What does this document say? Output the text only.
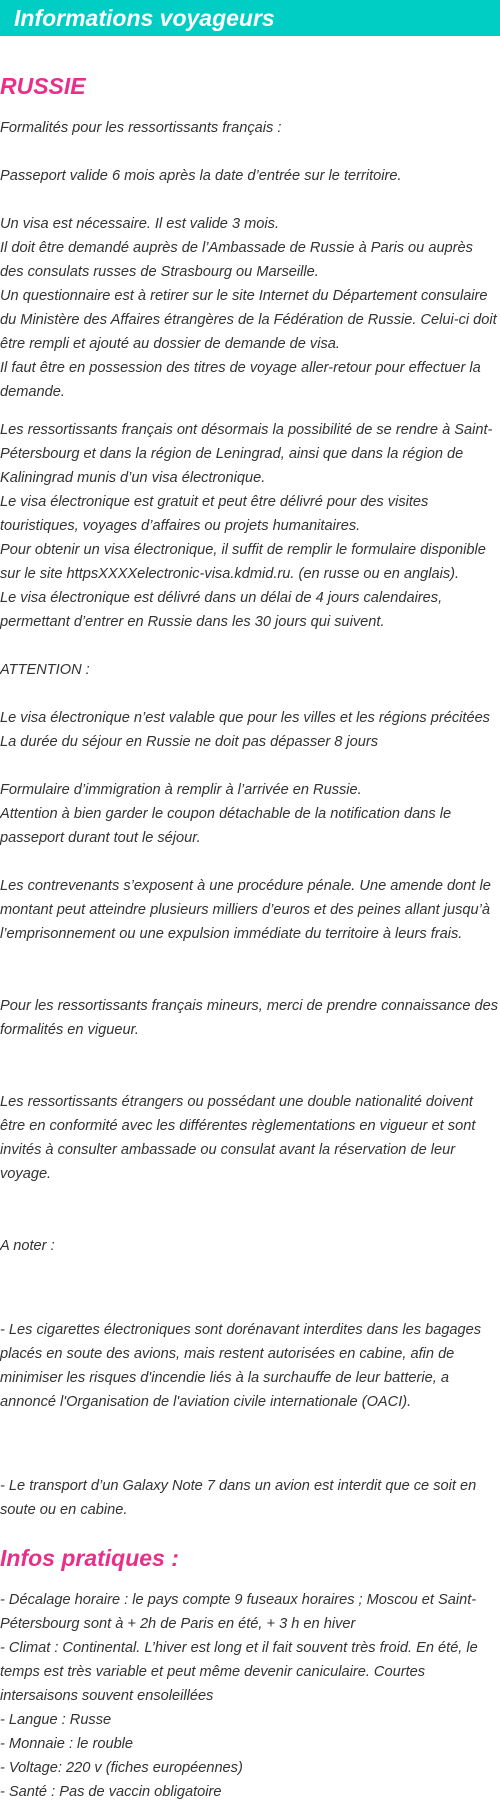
Informations voyageurs
RUSSIE

Formalités pour les ressortissants français :

Passeport valide 6 mois après la date d’entrée sur le territoire.

Un visa est nécessaire. Il est valide 3 mois.

Il doit être demandé auprès de l’Ambassade de Russie à Paris ou auprès des consulats russes de Strasbourg ou Marseille.

Un questionnaire est à retirer sur le site Internet du Département consulaire du Ministère des Affaires étrangères de la Fédération de Russie. Celui-ci doit être rempli et ajouté au dossier de demande de visa.

Il faut être en possession des titres de voyage aller-retour pour effectuer la demande.

Les ressortissants français ont désormais la possibilité de se rendre à Saint-Pétersbourg et dans la région de Leningrad, ainsi que dans la région de Kaliningrad munis d’un visa électronique.

Le visa électronique est gratuit et peut être délivré pour des visites touristiques, voyages d’affaires ou projets humanitaires.

Pour obtenir un visa électronique, il suffit de remplir le formulaire disponible sur le site httpsXXXXelectronic-visa.kdmid.ru. (en russe ou en anglais).

Le visa électronique est délivré dans un délai de 4 jours calendaires, permettant d’entrer en Russie dans les 30 jours qui suivent.

ATTENTION :

Le visa électronique n’est valable que pour les villes et les régions précitées

La durée du séjour en Russie ne doit pas dépasser 8 jours

Formulaire d’immigration à remplir à l’arrivée en Russie.

Attention à bien garder le coupon détachable de la notification dans le passeport durant tout le séjour.

Les contrevenants s’exposent à une procédure pénale. Une amende dont le montant peut atteindre plusieurs milliers d’euros et des peines allant jusqu’à l’emprisonnement ou une expulsion immédiate du territoire à leurs frais.

Pour les ressortissants français mineurs, merci de prendre connaissance des formalités en vigueur.

Les ressortissants étrangers ou possédant une double nationalité doivent être en conformité avec les différentes règlementations en vigueur et sont invités à consulter ambassade ou consulat avant la réservation de leur voyage.

A noter :

- Les cigarettes électroniques sont dorénavant interdites dans les bagages placés en soute des avions, mais restent autorisées en cabine, afin de minimiser les risques d'incendie liés à la surchauffe de leur batterie, a annoncé l'Organisation de l'aviation civile internationale (OACI).

- Le transport d’un Galaxy Note 7 dans un avion est interdit que ce soit en soute ou en cabine.

Infos pratiques :

- Décalage horaire : le pays compte 9 fuseaux horaires ; Moscou et Saint-Pétersbourg sont à + 2h de Paris en été, + 3 h en hiver

- Climat : Continental. L’hiver est long et il fait souvent très froid. En été, le temps est très variable et peut même devenir caniculaire. Courtes intersaisons souvent ensoleillées

- Langue : Russe

- Monnaie : le rouble

- Voltage: 220 v (fiches européennes)

- Santé : Pas de vaccin obligatoire
